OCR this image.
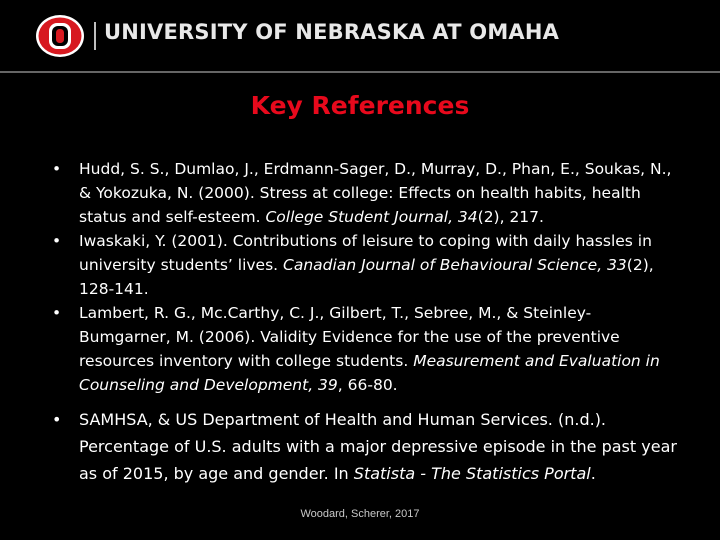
UNIVERSITY OF NEBRASKA AT OMAHA
Key References
• Hudd, S. S., Dumlao, J., Erdmann-Sager, D., Murray, D., Phan, E., Soukas, N., & Yokozuka, N. (2000). Stress at college: Effects on health habits, health status and self-esteem. College Student Journal, 34(2), 217.
• Iwaskaki, Y. (2001). Contributions of leisure to coping with daily hassles in university students’ lives. Canadian Journal of Behavioural Science, 33(2), 128-141.
• Lambert, R. G., Mc.Carthy, C. J., Gilbert, T., Sebree, M., & Steinley-Bumgarner, M. (2006). Validity Evidence for the use of the preventive resources inventory with college students. Measurement and Evaluation in Counseling and Development, 39, 66-80.
• SAMHSA, & US Department of Health and Human Services. (n.d.). Percentage of U.S. adults with a major depressive episode in the past year as of 2015, by age and gender. In Statista - The Statistics Portal.
Woodard, Scherer, 2017
